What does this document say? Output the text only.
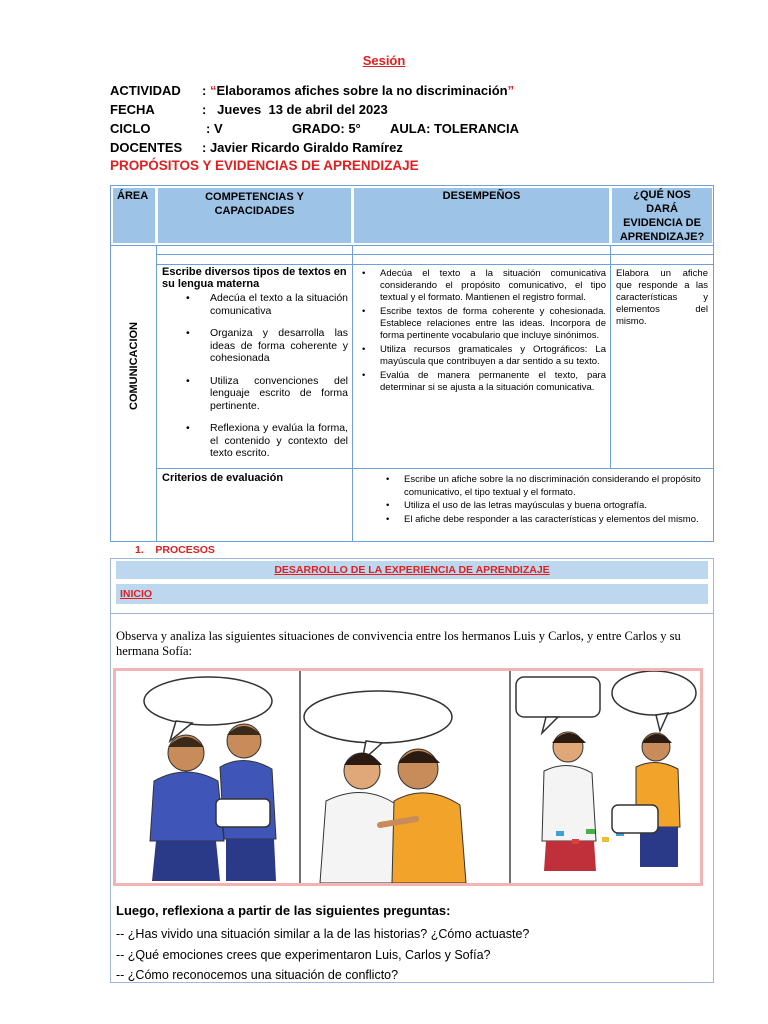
Sesión
ACTIVIDAD : “Elaboramos afiches sobre la no discriminación”
FECHA	:   Jueves  13 de abril del 2023
CICLO	: V	GRADO: 5° AULA: TOLERANCIA
DOCENTES : Javier Ricardo Giraldo Ramírez
PROPÓSITOS Y EVIDENCIAS DE APRENDIZAJE
ÁREA	COMPETENCIAS Y CAPACIDADES
DESEMPEÑOS	¿QUÉ NOS DARÁ EVIDENCIA DE APRENDIZAJE?
COMUNICACION
Escribe diversos tipos de textos en su lengua materna
• Adecúa el texto a la situación comunicativa
• Organiza y desarrolla las ideas de forma coherente y cohesionada
• Utiliza convenciones del lenguaje escrito de forma pertinente.
• Reflexiona y evalúa la forma, el contenido y contexto del texto escrito.
• Adecúa el texto a la situación comunicativa considerando el propósito comunicativo, el tipo textual y el formato. Mantienen el registro formal.
• Escribe textos de forma coherente y cohesionada. Establece relaciones entre las ideas. Incorpora de forma pertinente vocabulario que incluye sinónimos.
• Utiliza recursos gramaticales y Ortográficos: La mayúscula que contribuyen a dar sentido a su texto.
• Evalúa de manera permanente el texto, para determinar si se ajusta a la situación comunicativa.
Elabora un afiche que responde a las características y elementos del mismo.
Criterios de evaluación
•	Escribe un afiche sobre la no discriminación considerando el propósito comunicativo, el tipo textual y el formato.
• Utiliza el uso de las letras mayúsculas y buena ortografía.
• El afiche debe responder a las características y elementos del mismo.
1.    PROCESOS
DESARROLLO DE LA EXPERIENCIA DE APRENDIZAJE
INICIO
Observa y analiza las siguientes situaciones de convivencia entre los hermanos Luis y Carlos, y entre Carlos y su hermana Sofía:
Luego, reflexiona a partir de las siguientes preguntas:
-- ¿Has vivido una situación similar a la de las historias? ¿Cómo actuaste?
-- ¿Qué emociones crees que experimentaron Luis, Carlos y Sofía?
-- ¿Cómo reconocemos una situación de conflicto?
